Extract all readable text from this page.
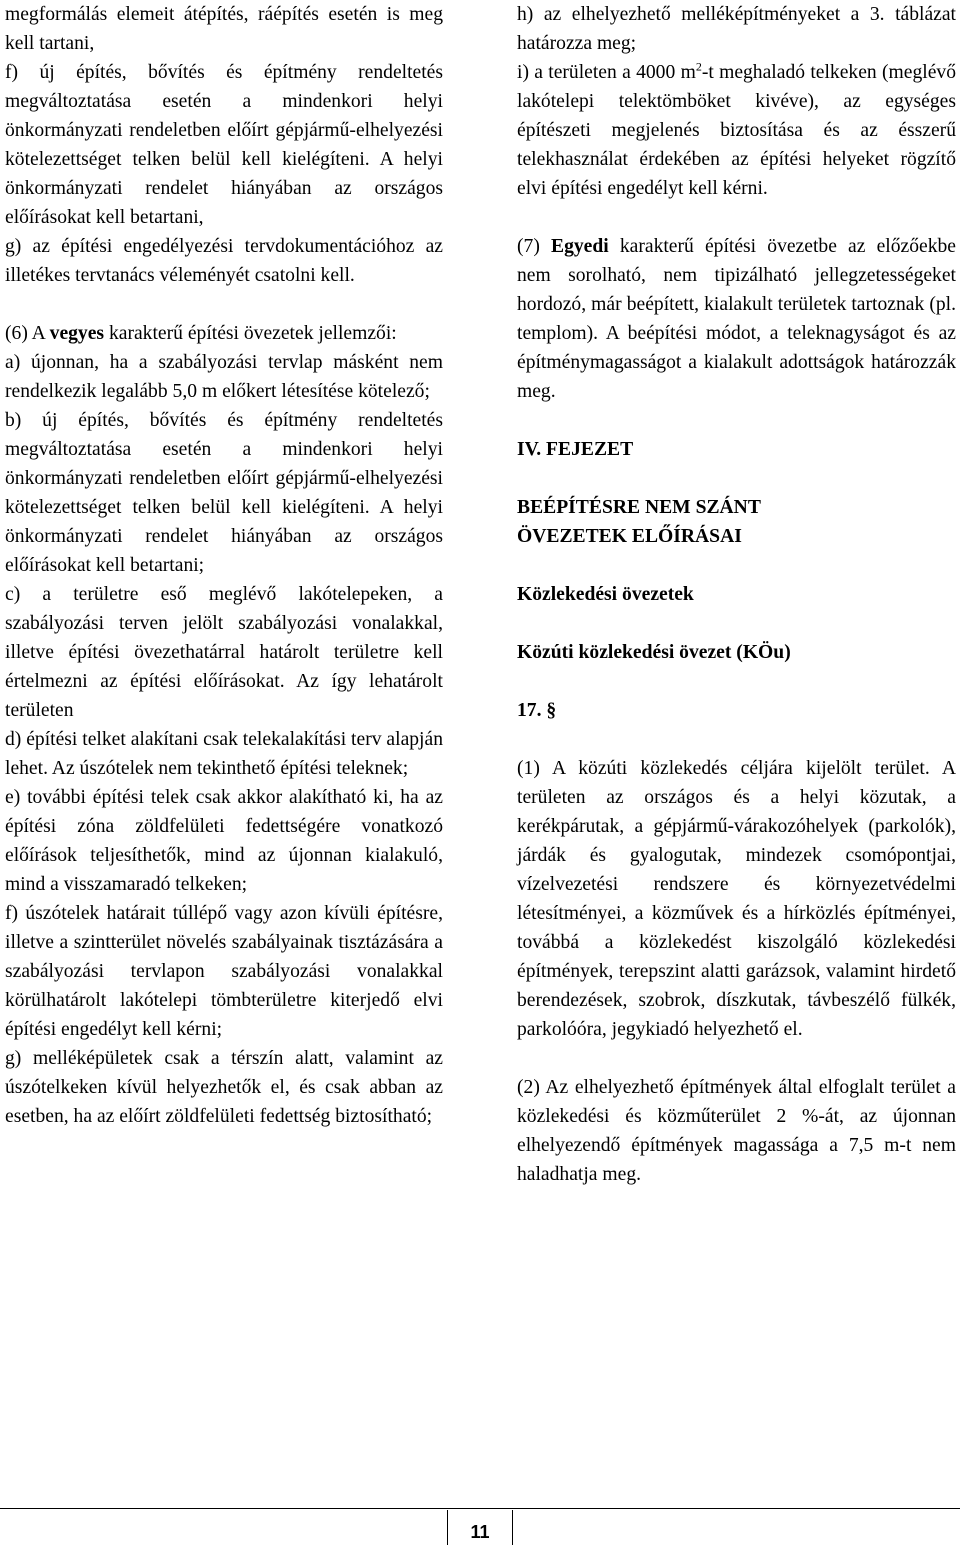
megformálás elemeit átépítés, ráépítés esetén is meg kell tartani,

f) új építés, bővítés és építmény rendeltetés megváltoztatása esetén a mindenkori helyi önkormányzati rendeletben előírt gépjármű-elhelyezési kötelezettséget telken belül kell kielégíteni. A helyi önkormányzati rendelet hiányában az országos előírásokat kell betartani,

g) az építési engedélyezési tervdokumentációhoz az illetékes tervtanács véleményét csatolni kell.

(6) A vegyes karakterű építési övezetek jellemzői:

a) újonnan, ha a szabályozási tervlap másként nem rendelkezik legalább 5,0 m előkert létesítése kötelező;

b) új építés, bővítés és építmény rendeltetés megváltoztatása esetén a mindenkori helyi önkormányzati rendeletben előírt gépjármű-elhelyezési kötelezettséget telken belül kell kielégíteni. A helyi önkormányzati rendelet hiányában az országos előírásokat kell betartani;

c) a területre eső meglévő lakótelepeken, a szabályozási terven jelölt szabályozási vonalakkal, illetve építési övezethatárral határolt területre kell értelmezni az építési előírásokat. Az így lehatárolt területen

d) építési telket alakítani csak telekalakítási terv alapján lehet. Az úszótelek nem tekinthető építési teleknek;

e) további építési telek csak akkor alakítható ki, ha az építési zóna zöldfelületi fedettségére vonatkozó előírások teljesíthetők, mind az újonnan kialakuló, mind a visszamaradó telkeken;

f) úszótelek határait túllépő vagy azon kívüli építésre, illetve a szintterület növelés szabályainak tisztázására a szabályozási tervlapon szabályozási vonalakkal körülhatárolt lakótelepi tömbterületre kiterjedő elvi építési engedélyt kell kérni;

g) melléképületek csak a térszín alatt, valamint az úszótelkeken kívül helyezhetők el, és csak abban az esetben, ha az előírt zöldfelületi fedettség biztosítható;

h) az elhelyezhető melléképítményeket a 3. táblázat határozza meg;

i) a területen a 4000 $m^2-t$ meghaladó telkeken (meglévő lakótelepi telektömböket kivéve), az egységes építészeti megjelenés biztosítása és az ésszerű telekhasználat érdekében az építési helyeket rögzítő elvi építési engedélyt kell kérni.

(7) Egyedi karakterű építési övezetbe az előzőekbe nem sorolható, nem tipizálható jellegzetességeket hordozó, már beépített, kialakult területek tartoznak (pl. templom). A beépítési módot, a teleknagyságot és az építménymagasságot a kialakult adottságok határozzák meg.

IV. FEJEZET

BEÉPÍTÉSRE NEM SZÁNT

ÖVEZETEK ELŐÍRÁSAI

Közlekedési övezetek

Közúti közlekedési övezet (KÖu)

17. §

(1) A közúti közlekedés céljára kijelölt terület. A területen az országos és a helyi közutak, a kerékpárutak, a gépjármű-várakozóhelyek (parkolók), járdák és gyalogutak, mindezek csomópontjai, vízelvezetési rendszere és környezetvédelmi létesítményei, a közművek és a hírközlés építményei, továbbá a közlekedést kiszolgáló közlekedési építmények, terepszint alatti garázsok, valamint hirdető berendezések, szobrok, díszkutak, távbeszélő fülkék, parkolóóra, jegykiadó helyezhető el.

(2) Az elhelyezhető építmények által elfoglalt terület a közlekedési és közműterület 2 %-át, az újonnan elhelyezendő építmények magassága a 7,5 m-t nem haladhatja meg.

11
